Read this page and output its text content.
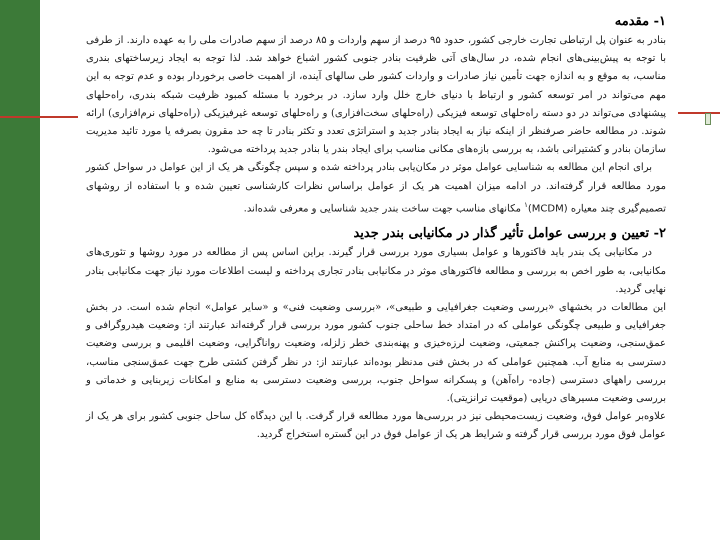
۱- مقدمه

بنادر به عنوان پل ارتباطی تجارت خارجی کشور، حدود ۹۵ درصد از سهم واردات و ۸۵ درصد از سهم صادرات ملی را به عهده دارند. از طرفی با توجه به پیش‌بینی‌های انجام شده، در سال‌های آتی ظرفیت بنادر جنوبی کشور اشباع خواهد شد. لذا توجه به ایجاد زیرساختهای بندری مناسب، به موقع و به اندازه جهت تأمین نیاز صادرات و واردات کشور طی سالهای آینده، از اهمیت خاصی برخوردار بوده و عدم توجه به این مهم می‌تواند در امر توسعه کشور و ارتباط با دنیای خارج خلل وارد سازد. در برخورد با مسئله کمبود ظرفیت شبکه بندری، راه‌حلهای پیشنهادی می‌تواند در دو دسته راه‌حلهای توسعه فیزیکی (راه‌حلهای سخت‌افزاری) و راه‌حلهای توسعه غیرفیزیکی (راه‌حلهای نرم‌افزاری) ارائه شوند. در مطالعه حاضر صرفنظر از اینکه نیاز به ایجاد بنادر جدید و استراتژی تعدد و تکثر بنادر تا چه حد مقرون بصرفه یا مورد تائید مدیریت سازمان بنادر و کشتیرانی باشد، به بررسی بازه‌های مکانی مناسب برای ایجاد بندر یا بنادر جدید پرداخته می‌شود.

برای انجام این مطالعه به شناسایی عوامل موثر در مکان‌یابی بنادر پرداخته شده و سپس چگونگی هر یک از این عوامل در سواحل کشور مورد مطالعه قرار گرفته‌اند. در ادامه میزان اهمیت هر یک از عوامل براساس نظرات کارشناسی تعیین شده و با استفاده از روشهای تصمیم‌گیری چند معیاره (MCDM)$^۱$ مکانهای مناسب جهت ساخت بندر جدید شناسایی و معرفی شده‌اند.

۲- تعیین و بررسی عوامل تأثیر گذار در مکانیابی بندر جدید

در مکانیابی یک بندر باید فاکتورها و عوامل بسیاری مورد بررسی قرار گیرند. براین اساس پس از مطالعه در مورد روشها و تئوری‌های مکانیابی، به طور اخص به بررسی و مطالعه فاکتورهای موثر در مکانیابی بنادر تجاری پرداخته و لیست اطلاعات مورد نیاز جهت مکانیابی بنادر نهایی گردید.

این مطالعات در بخشهای «بررسی وضعیت جغرافیایی و طبیعی»، «بررسی وضعیت فنی» و «سایر عوامل» انجام شده است. در بخش جغرافیایی و طبیعی چگونگی عواملی که در امتداد خط ساحلی جنوب کشور مورد بررسی قرار گرفته‌اند عبارتند از: وضعیت هیدروگرافی و عمق‌سنجی، وضعیت پراکنش جمعیتی، وضعیت لرزه‌خیزی و پهنه‌بندی خطر زلزله، وضعیت رواناگرایی، وضعیت اقلیمی و بررسی وضعیت دسترسی به منابع آب. همچنین عواملی که در بخش فنی مدنظر بوده‌اند عبارتند از: در نظر گرفتن کشتی طرح جهت عمق‌سنجی مناسب، بررسی راههای دسترسی (جاده- راه‌آهن) و پسکرانه سواحل جنوب، بررسی وضعیت دسترسی به منابع و امکانات زیربنایی و خدماتی و بررسی وضعیت مسیرهای دریایی (موقعیت ترانزیتی).

علاوه‌بر عوامل فوق، وضعیت زیست‌محیطی نیز در بررسی‌ها مورد مطالعه قرار گرفت. با این دیدگاه کل ساحل جنوبی کشور برای هر یک از عوامل فوق مورد بررسی قرار گرفته و شرایط هر یک از عوامل فوق در این گستره استخراج گردید.
